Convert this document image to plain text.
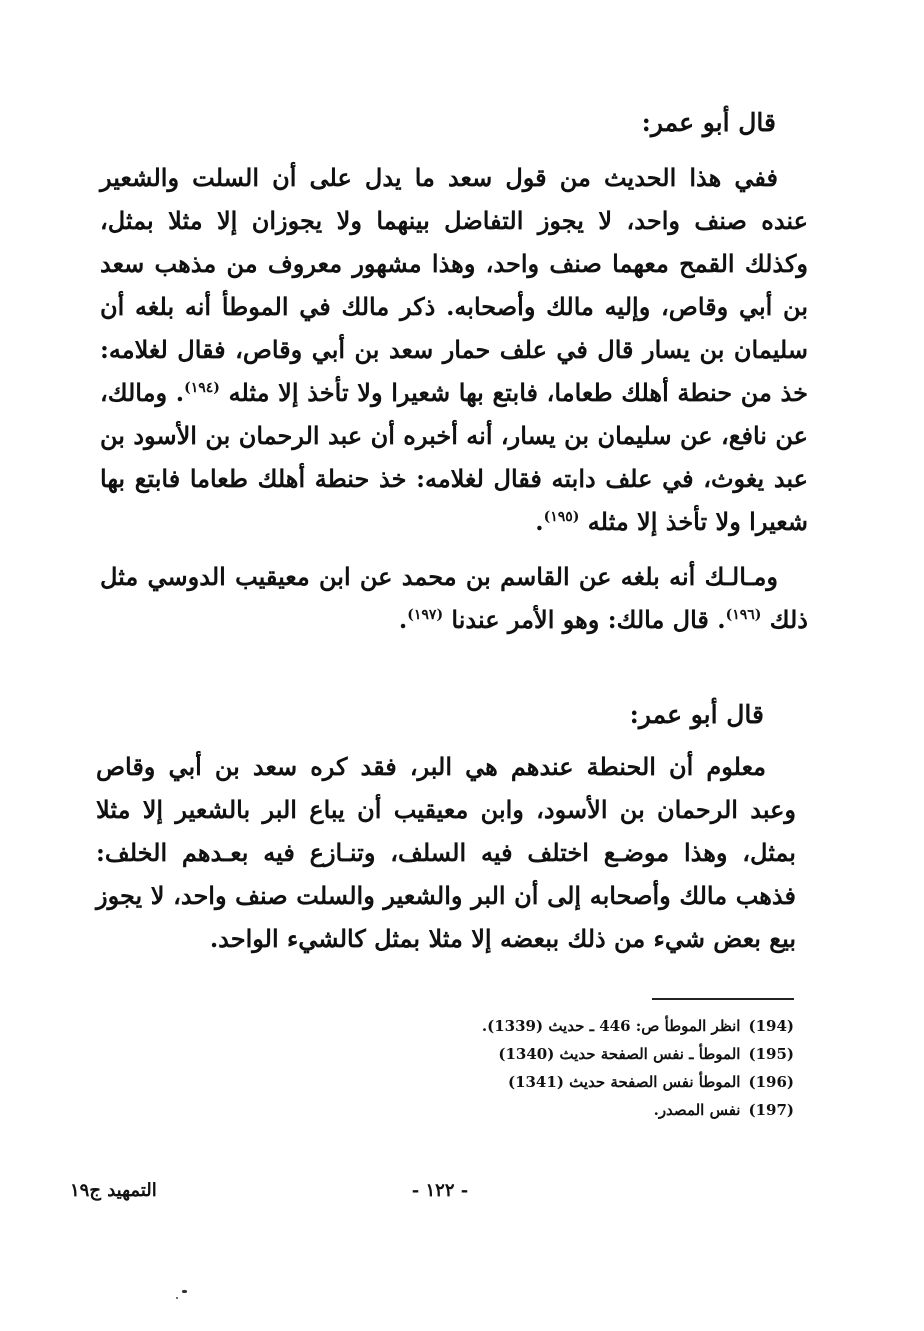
قال أبو عمر:

ففي هذا الحديث من قول سعد ما يدل على أن السلت والشعير عنده صنف واحد، لا يجوز التفاضل بينهما ولا يجوزان إلا مثلا بمثل، وكذلك القمح معهما صنف واحد، وهذا مشهور معروف من مذهب سعد بن أبي وقاص، وإليه مالك وأصحابه. ذكر مالك في الموطأ أنه بلغه أن سليمان بن يسار قال في علف حمار سعد بن أبي وقاص، فقال لغلامه: خذ من حنطة أهلك طعاما، فابتع بها شعيرا ولا تأخذ إلا مثله $^{(١٩٤)}$. ومالك، عن نافع، عن سليمان بن يسار، أنه أخبره أن عبد الرحمان بن الأسود بن عبد يغوث، في علف دابته فقال لغلامه: خذ حنطة أهلك طعاما فابتع بها شعيرا ولا تأخذ إلا مثله $^{(١٩٥)}$.

ومـالـك أنه بلغه عن القاسم بن محمد عن ابن معيقيب الدوسي مثل ذلك $^{(١٩٦)}$. قال مالك: وهو الأمر عندنا $^{(١٩٧)}$.

قال أبو عمر:

معلوم أن الحنطة عندهم هي البر، فقد كره سعد بن أبي وقاص وعبد الرحمان بن الأسود، وابن معيقيب أن يباع البر بالشعير إلا مثلا بمثل، وهذا موضـع اختلف فيه السلف، وتنـازع فيه بعـدهم الخلف: فذهب مالك وأصحابه إلى أن البر والشعير والسلت صنف واحد، لا يجوز بيع بعض شيء من ذلك ببعضه إلا مثلا بمثل كالشيء الواحد.

(194)انظر الموطأ ص: 446 ـ حديث (1339).
(195)الموطأ ـ نفس الصفحة حديث (1340)
(196)الموطأ نفس الصفحة حديث (1341)
(197)نفس المصدر.
التمهيد ج١٩	- ١٢٢ -
